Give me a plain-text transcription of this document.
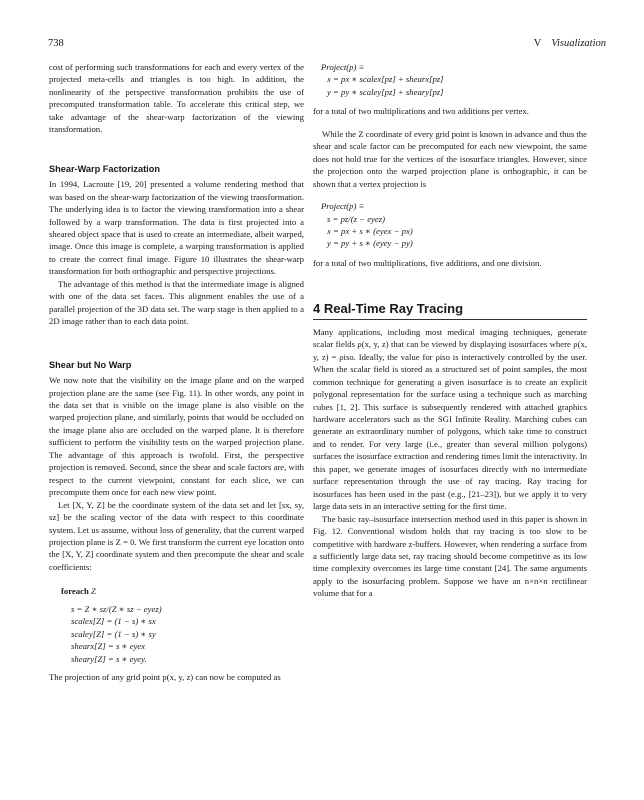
738	V Visualization

cost of performing such transformations for each and every vertex of the projected meta-cells and triangles is too high. In addition, the nonlinearity of the perspective transformation prohibits the use of precomputed transformation table. To accelerate this critical step, we take advantage of the shear-warp factorization of the viewing transformation.

Shear-Warp Factorization

In 1994, Lacroute [19, 20] presented a volume rendering method that was based on the shear-warp factorization of the viewing transformation. The underlying idea is to factor the viewing transformation into a shear followed by a warp transformation. The data is first projected into a sheared object space that is used to create an intermediate, albeit warped, image. Once this image is complete, a warping transformation is applied to create the correct final image. Figure 10 illustrates the shear-warp transformation for both orthographic and perspective projections.

The advantage of this method is that the intermediate image is aligned with one of the data set faces. This alignment enables the use of a parallel projection of the 3D data set. The warp stage is then applied to a 2D image rather than to each data point.

Shear but No Warp

We now note that the visibility on the image plane and on the warped projection plane are the same (see Fig. 11). In other words, any point in the data set that is visible on the image plane is also visible on the warped projection plane, and similarly, points that would be occluded on the image plane also are occluded on the warped plane. It is therefore sufficient to perform the visibility tests on the warped projection plane. The advantage of this approach is twofold. First, the perspective projection is removed. Second, since the shear and scale factors are, with respect to the current viewpoint, constant for each slice, we can precompute them once for each new view point.

Let [X, Y, Z] be the coordinate system of the data set and let [sx, sy, sz] be the scaling vector of the data with respect to this coordinate system. Let us assume, without loss of generality, that the current warped projection plane is Z = 0. We first transform the current eye location onto the [X, Y, Z] coordinate system and then precompute the shear and scale coefficients:

foreach Z
s = Z ∗ sz/(Z ∗ sz − eyez)
scalex[Z] = (1 − s) ∗ sx
scaley[Z] = (1 − s) ∗ sy
shearx[Z] = s ∗ eyex
sheary[Z] = s ∗ eyey.

The projection of any grid point p(x, y, z) can now be computed as

Project(p) ≡
x = px ∗ scalex[pz] + shearx[pz]
y = py ∗ scaley[pz] + sheary[pz]

for a total of two multiplications and two additions per vertex.

While the Z coordinate of every grid point is known in advance and thus the shear and scale factor can be precomputed for each new viewpoint, the same does not hold true for the vertices of the isosurface triangles. However, since the projection onto the warped projection plane is orthographic, it can be shown that a vertex projection is

Project(p) ≡
s = pz/(z − eyez)
x = px + s ∗ (eyex − px)
y = py + s ∗ (eyey − py)

for a total of two multiplications, five additions, and one division.

4 Real-Time Ray Tracing

Many applications, including most medical imaging techniques, generate scalar fields ρ(x, y, z) that can be viewed by displaying isosurfaces where ρ(x, y, z) = ρiso. Ideally, the value for ρiso is interactively controlled by the user. When the scalar field is stored as a structured set of point samples, the most common technique for generating a given isosurface is to create an explicit polygonal representation for the surface using a technique such as marching cubes [1, 2]. This surface is subsequently rendered with attached graphics hardware accelerators such as the SGI Infinite Reality. Marching cubes can generate an extraordinary number of polygons, which take time to construct and to render. For very large (i.e., greater than several million polygons) surfaces the isosurface extraction and rendering times limit the interactivity. In this paper, we generate images of isosurfaces directly with no intermediate surface representation through the use of ray tracing. Ray tracing for isosurfaces has been used in the past (e.g., [21–23]), but we apply it to very large data sets in an interactive setting for the first time.

The basic ray–isosurface intersection method used in this paper is shown in Fig. 12. Conventional wisdom holds that ray tracing is too slow to be competitive with hardware z-buffers. However, when rendering a surface from a sufficiently large data set, ray tracing should become competitive as its low time complexity overcomes its large time constant [24]. The same arguments apply to the isosurfacing problem. Suppose we have an n×n×n rectilinear volume that for a
